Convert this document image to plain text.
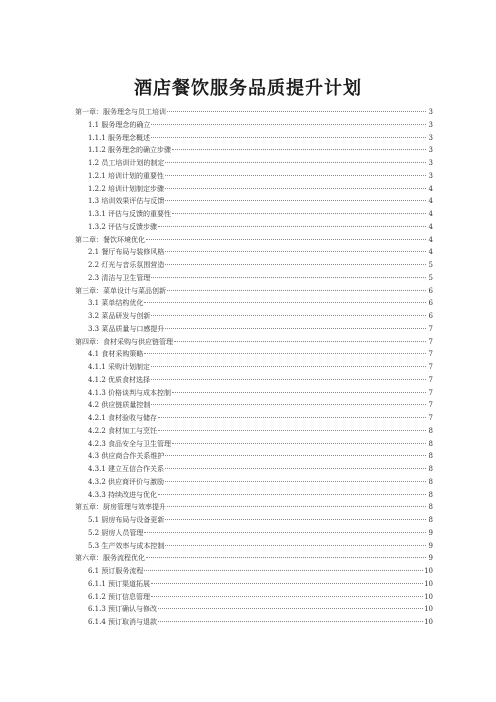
酒店餐饮服务品质提升计划
第一章：服务理念与员工培训	3
1.1 服务理念的确立	3
1.1.1 服务理念概述	3
1.1.2 服务理念的确立步骤	3
1.2 员工培训计划的制定	3
1.2.1 培训计划的重要性	3
1.2.2 培训计划制定步骤	4
1.3 培训效果评估与反馈	4
1.3.1 评估与反馈的重要性	4
1.3.2 评估与反馈步骤	4
第二章：餐饮环境优化	4
2.1 餐厅布局与装修风格	4
2.2 灯光与音乐氛围营造	5
2.3 清洁与卫生管理	5
第三章：菜单设计与菜品创新	6
3.1 菜单结构优化	6
3.2 菜品研发与创新	6
3.3 菜品质量与口感提升	7
第四章：食材采购与供应链管理	7
4.1 食材采购策略	7
4.1.1 采购计划制定	7
4.1.2 优质食材选择	7
4.1.3 价格谈判与成本控制	7
4.2 供应链质量控制	7
4.2.1 食材验收与储存	7
4.2.2 食材加工与烹饪	8
4.2.3 食品安全与卫生管理	8
4.3 供应商合作关系维护	8
4.3.1 建立互信合作关系	8
4.3.2 供应商评价与激励	8
4.3.3 持续改进与优化	8
第五章：厨房管理与效率提升	8
5.1 厨房布局与设备更新	8
5.2 厨房人员管理	9
5.3 生产效率与成本控制	9
第六章：服务流程优化	9
6.1 预订服务流程	10
6.1.1 预订渠道拓展	10
6.1.2 预订信息管理	10
6.1.3 预订确认与修改	10
6.1.4 预订取消与退款	10
